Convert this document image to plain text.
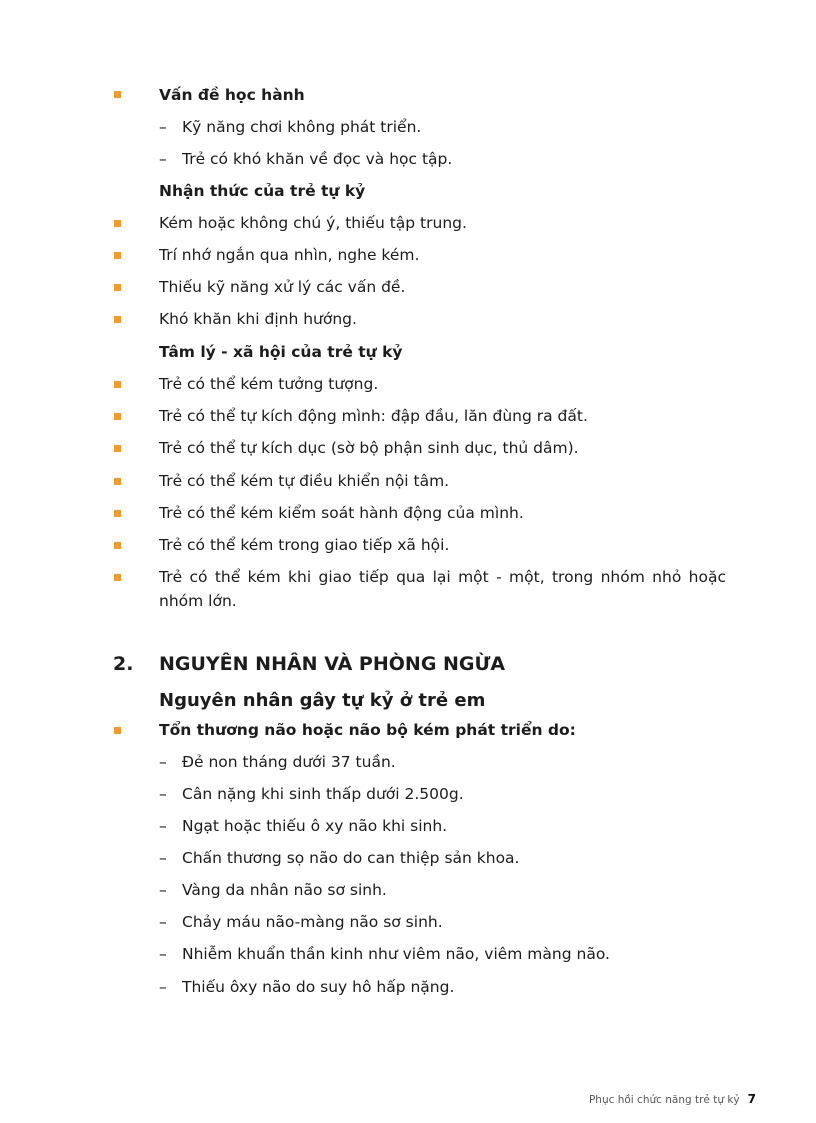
Vấn đề học hành
– Kỹ năng chơi không phát triển.
– Trẻ có khó khăn về đọc và học tập.
Nhận thức của trẻ tự kỷ
Kém hoặc không chú ý, thiếu tập trung.
Trí nhớ ngắn qua nhìn, nghe kém.
Thiếu kỹ năng xử lý các vấn đề.
Khó khăn khi định hướng.
Tâm lý - xã hội của trẻ tự kỷ
Trẻ có thể kém tưởng tượng.
Trẻ có thể tự kích động mình: đập đầu, lăn đùng ra đất.
Trẻ có thể tự kích dục (sờ bộ phận sinh dục, thủ dâm).
Trẻ có thể kém tự điều khiển nội tâm.
Trẻ có thể kém kiểm soát hành động của mình.
Trẻ có thể kém trong giao tiếp xã hội.
Trẻ có thể kém khi giao tiếp qua lại một - một, trong nhóm nhỏ hoặc nhóm lớn.
2. NGUYÊN NHÂN VÀ PHÒNG NGỪA
Nguyên nhân gây tự kỷ ở trẻ em
Tổn thương não hoặc não bộ kém phát triển do:
– Đẻ non tháng dưới 37 tuần.
– Cân nặng khi sinh thấp dưới 2.500g.
– Ngạt hoặc thiếu ô xy não khi sinh.
– Chấn thương sọ não do can thiệp sản khoa.
– Vàng da nhân não sơ sinh.
– Chảy máu não-màng não sơ sinh.
– Nhiễm khuẩn thần kinh như viêm não, viêm màng não.
– Thiếu ôxy não do suy hô hấp nặng.
Phục hồi chức năng trẻ tự kỷ 7
